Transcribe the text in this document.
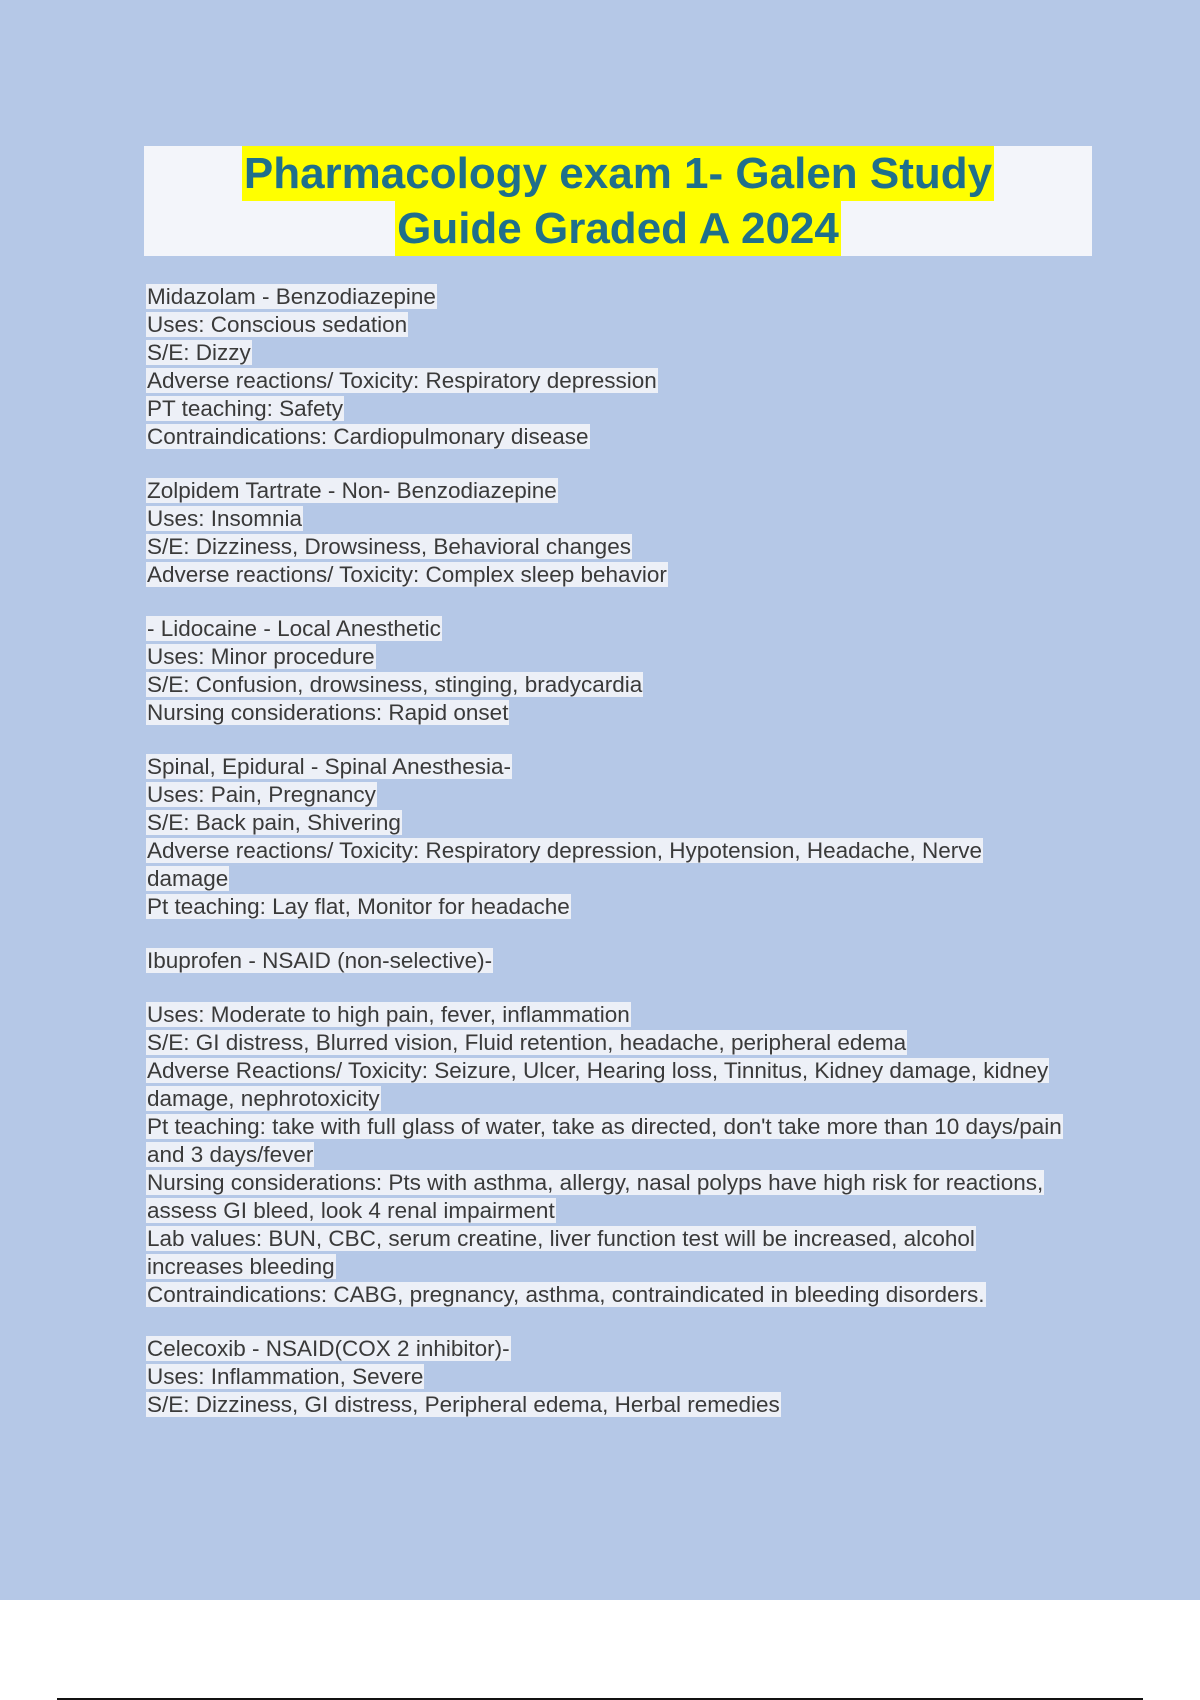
Pharmacology exam 1- Galen Study
Guide Graded A 2024
Midazolam - Benzodiazepine
Uses: Conscious sedation
S/E: Dizzy
Adverse reactions/ Toxicity: Respiratory depression
PT teaching: Safety
Contraindications: Cardiopulmonary disease
Zolpidem Tartrate - Non- Benzodiazepine
Uses: Insomnia
S/E: Dizziness, Drowsiness, Behavioral changes
Adverse reactions/ Toxicity: Complex sleep behavior
- Lidocaine - Local Anesthetic
Uses: Minor procedure
S/E: Confusion, drowsiness, stinging, bradycardia
Nursing considerations: Rapid onset
Spinal, Epidural - Spinal Anesthesia-
Uses: Pain, Pregnancy
S/E: Back pain, Shivering
Adverse reactions/ Toxicity: Respiratory depression, Hypotension, Headache, Nerve damage
Pt teaching: Lay flat, Monitor for headache
Ibuprofen - NSAID (non-selective)-
Uses: Moderate to high pain, fever, inflammation
S/E: GI distress, Blurred vision, Fluid retention, headache, peripheral edema
Adverse Reactions/ Toxicity: Seizure, Ulcer, Hearing loss, Tinnitus, Kidney damage, kidney damage, nephrotoxicity
Pt teaching: take with full glass of water, take as directed, don't take more than 10 days/pain and 3 days/fever
Nursing considerations: Pts with asthma, allergy, nasal polyps have high risk for reactions, assess GI bleed, look 4 renal impairment
Lab values: BUN, CBC, serum creatine, liver function test will be increased, alcohol increases bleeding
Contraindications: CABG, pregnancy, asthma, contraindicated in bleeding disorders.
Celecoxib - NSAID(COX 2 inhibitor)-
Uses: Inflammation, Severe
S/E: Dizziness, GI distress, Peripheral edema, Herbal remedies
